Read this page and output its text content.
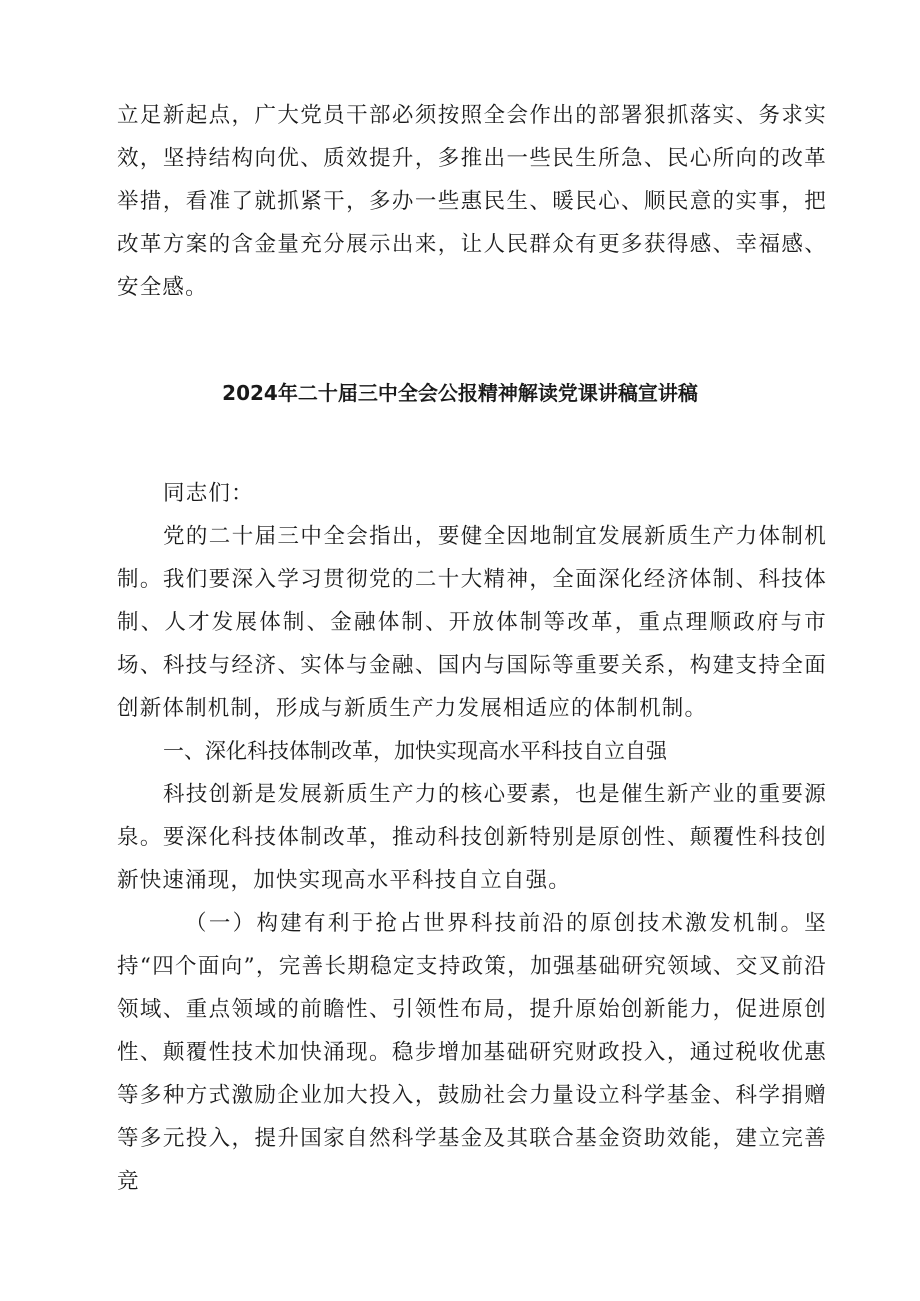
立足新起点，广大党员干部必须按照全会作出的部署狠抓落实、务求实效，坚持结构向优、质效提升，多推出一些民生所急、民心所向的改革举措，看准了就抓紧干，多办一些惠民生、暖民心、顺民意的实事，把改革方案的含金量充分展示出来，让人民群众有更多获得感、幸福感、安全感。

2024年二十届三中全会公报精神解读党课讲稿宣讲稿

同志们：

党的二十届三中全会指出，要健全因地制宜发展新质生产力体制机制。我们要深入学习贯彻党的二十大精神，全面深化经济体制、科技体制、人才发展体制、金融体制、开放体制等改革，重点理顺政府与市场、科技与经济、实体与金融、国内与国际等重要关系，构建支持全面创新体制机制，形成与新质生产力发展相适应的体制机制。

一、深化科技体制改革，加快实现高水平科技自立自强

科技创新是发展新质生产力的核心要素，也是催生新产业的重要源泉。要深化科技体制改革，推动科技创新特别是原创性、颠覆性科技创新快速涌现，加快实现高水平科技自立自强。

（一）构建有利于抢占世界科技前沿的原创技术激发机制。坚持“四个面向”，完善长期稳定支持政策，加强基础研究领域、交叉前沿领域、重点领域的前瞻性、引领性布局，提升原始创新能力，促进原创性、颠覆性技术加快涌现。稳步增加基础研究财政投入，通过税收优惠等多种方式激励企业加大投入，鼓励社会力量设立科学基金、科学捐赠等多元投入，提升国家自然科学基金及其联合基金资助效能，建立完善竞
